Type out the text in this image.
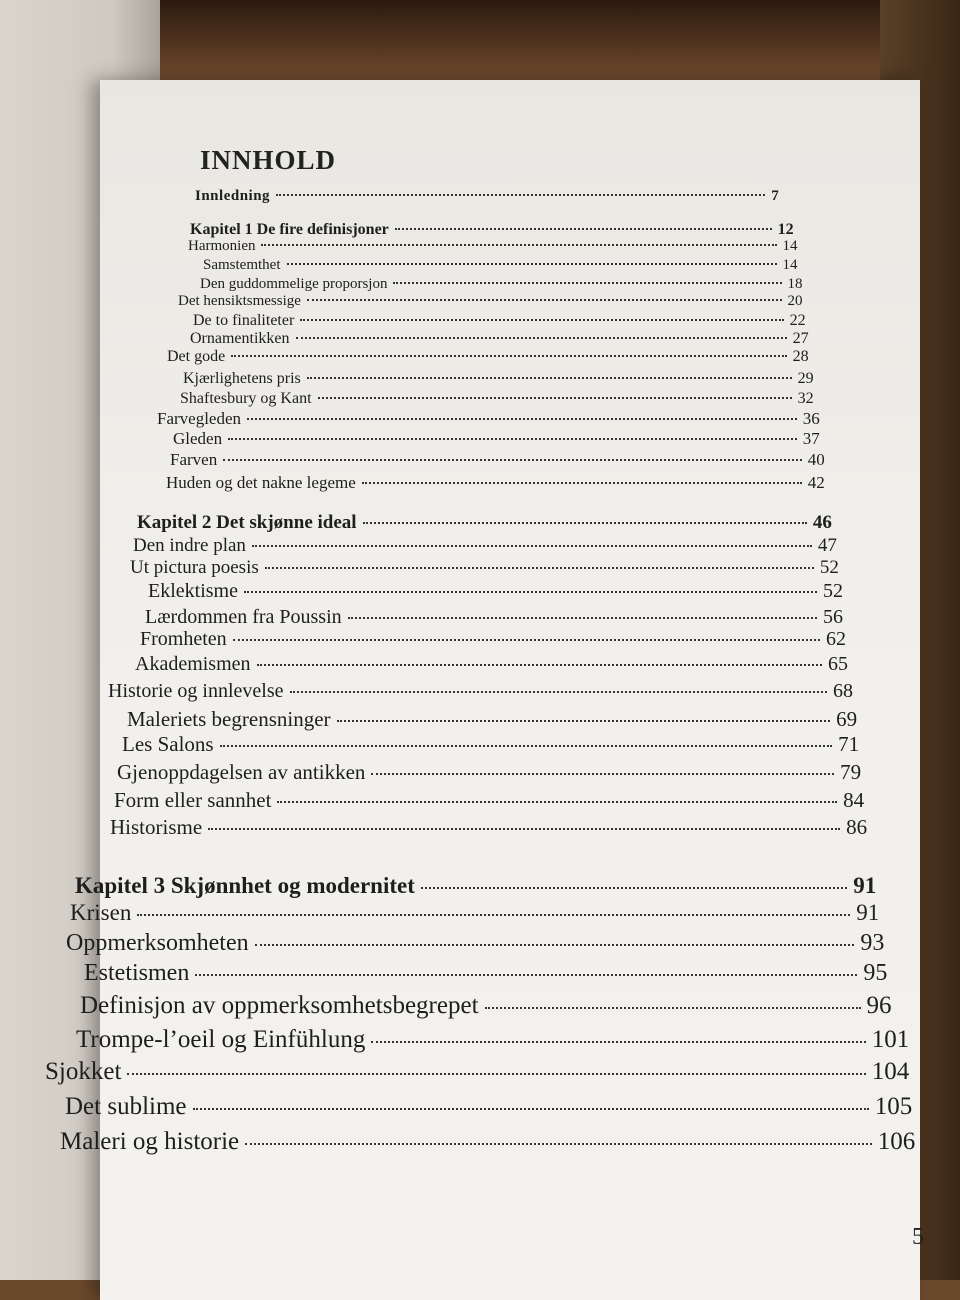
INNHOLD
Innledning	7
Kapitel 1 De fire definisjoner	12
Harmonien	14
Samstemthet	14
Den guddommelige proporsjon	18
Det hensiktsmessige	20
De to finaliteter	22
Ornamentikken	27
Det gode	28
Kjærlighetens pris	29
Shaftesbury og Kant	32
Farvegleden	36
Gleden	37
Farven	40
Huden og det nakne legeme	42
Kapitel 2 Det skjønne ideal	46
Den indre plan	47
Ut pictura poesis	52
Eklektisme	52
Lærdommen fra Poussin	56
Fromheten	62
Akademismen	65
Historie og innlevelse	68
Maleriets begrensninger	69
Les Salons	71
Gjenoppdagelsen av antikken	79
Form eller sannhet	84
Historisme	86
Kapitel 3 Skjønnhet og modernitet	91
Krisen	91
Oppmerksomheten	93
Estetismen	95
Definisjon av oppmerksomhetsbegrepet	96
Trompe-l’oeil og Einfühlung	101
Sjokket	104
Det sublime	105
Maleri og historie	106
5
